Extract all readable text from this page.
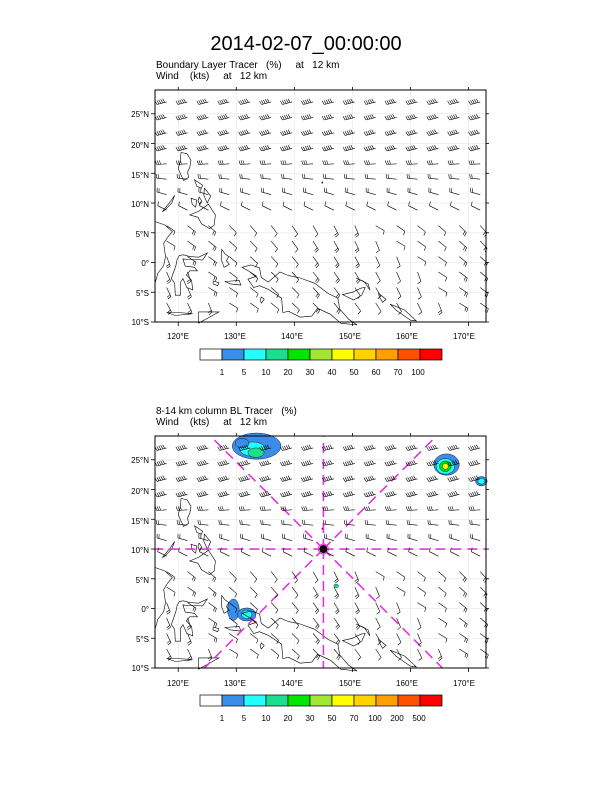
2014-02-07_00:00:00
Boundary Layer Tracer   (%)     at   12 km
Wind    (kts)     at   12 km
8-14 km column BL Tracer   (%)
Wind    (kts)     at   12 km
25°N
20°N
15°N
10°N
5°N
0°
5°S
10°S
120°E	130°E	140°E	150°E	160°E	170°E
1 5 10 20 30 40 50 60 70 100
25°N
20°N
15°N
10°N
5°N
0°
5°S
10°S
120°E	130°E	140°E	150°E	160°E	170°E
1 5 10 20 30 50 70 100 200 500
